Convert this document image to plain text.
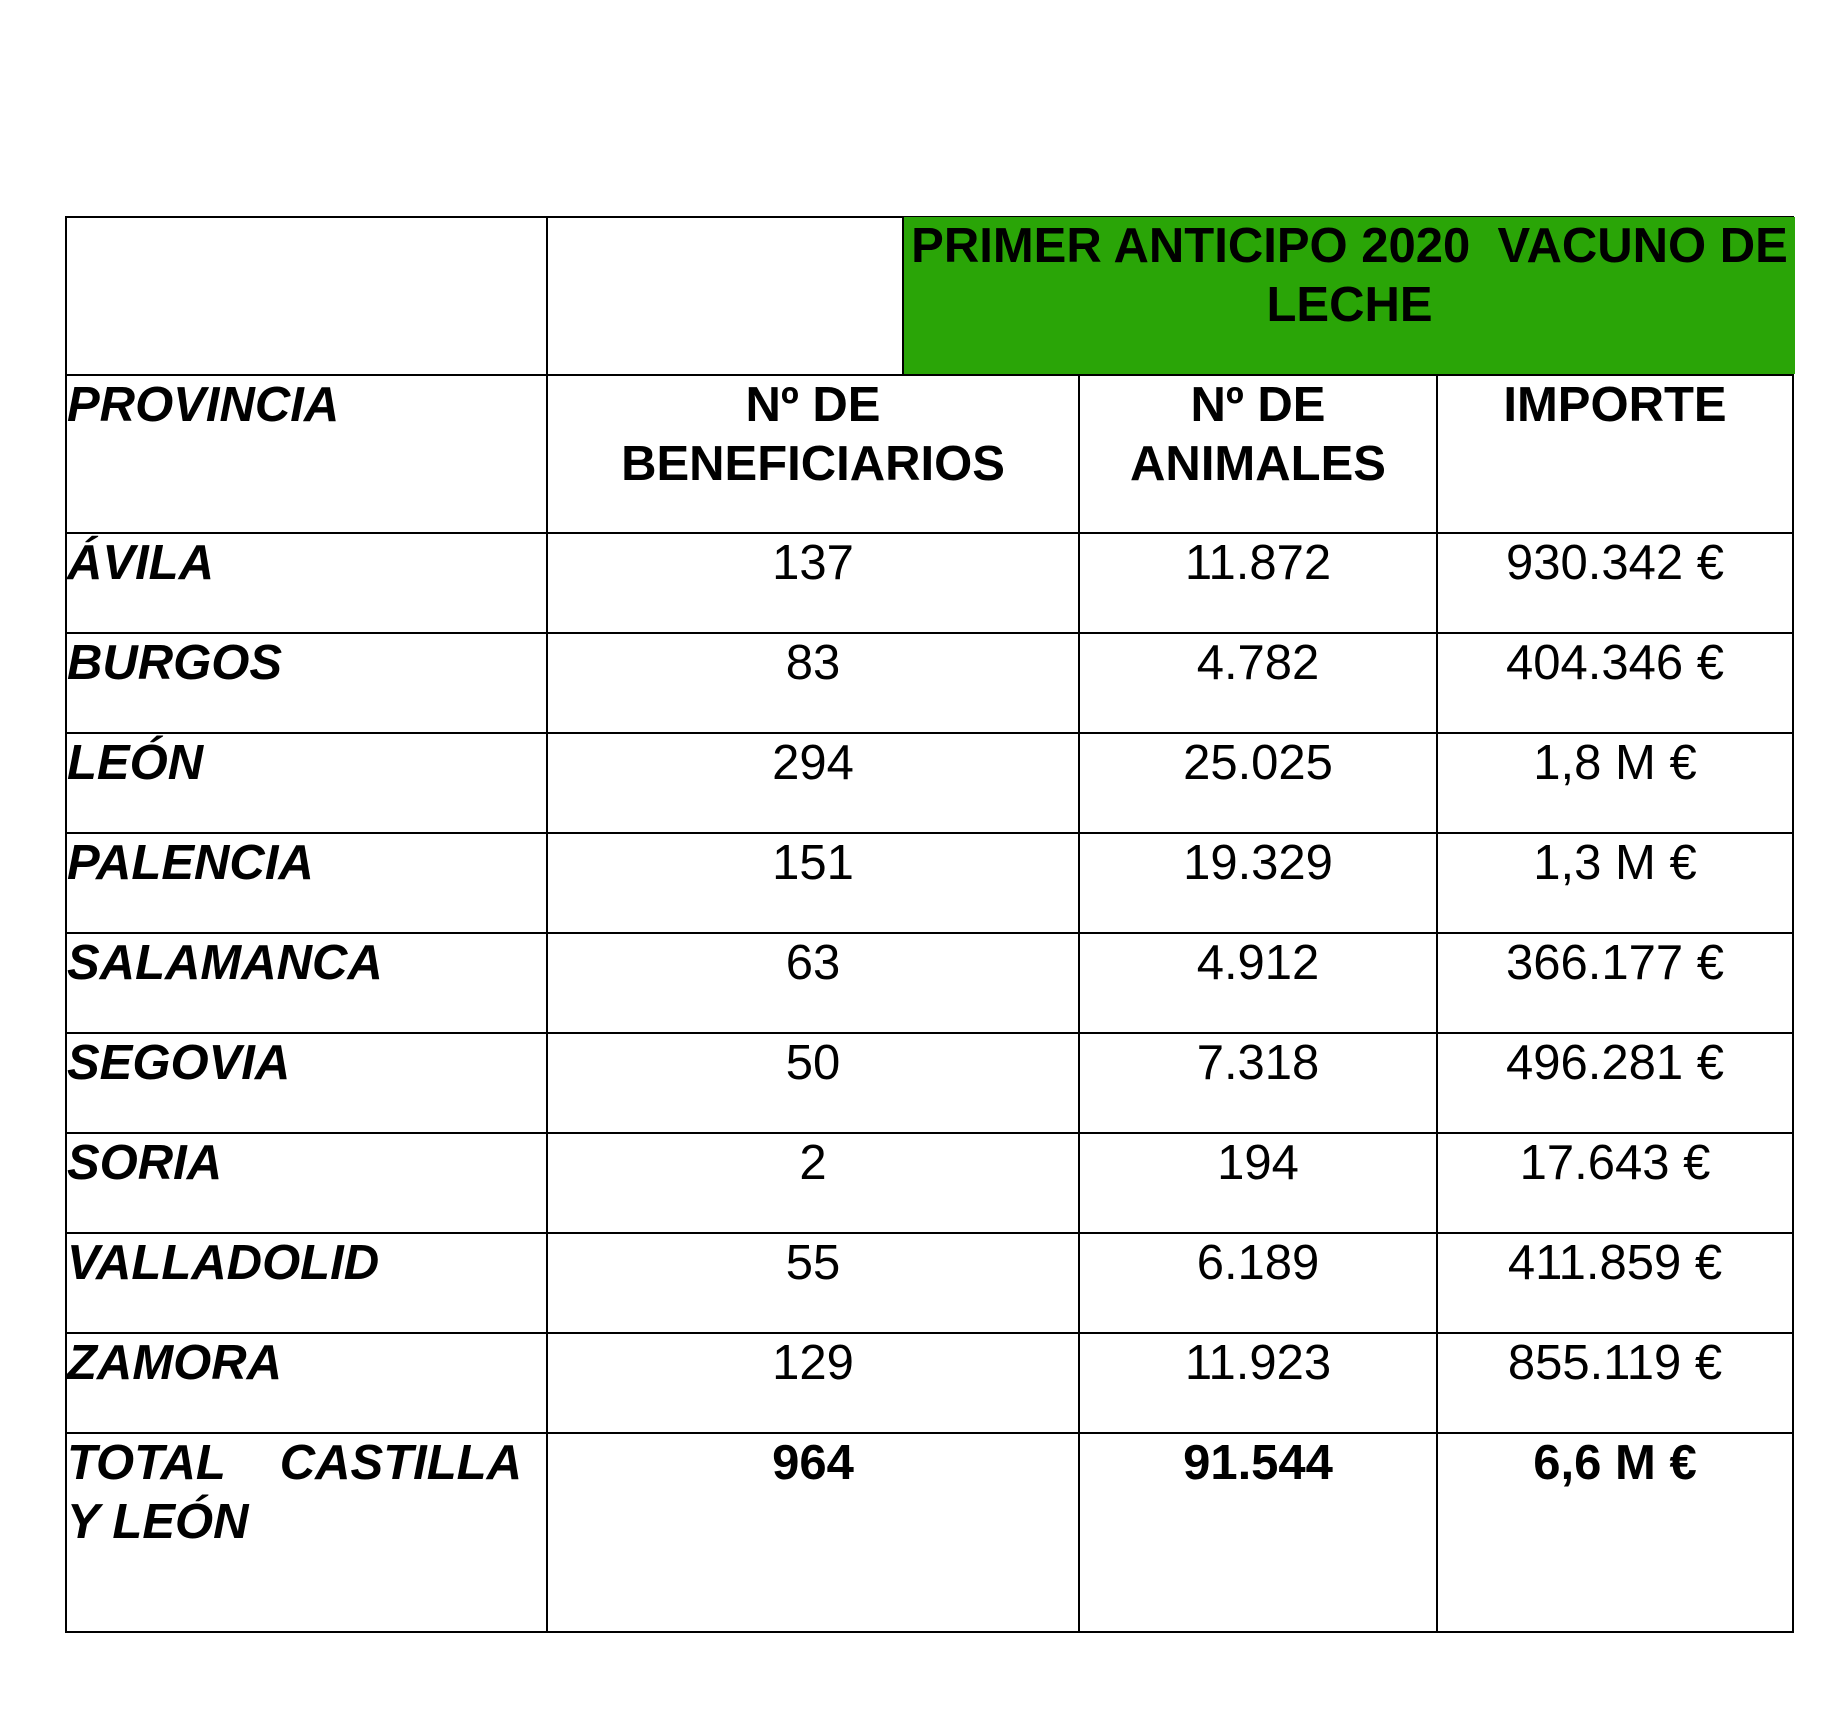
PROVINCIA	Nº DE BENEFICIARIOS		Nº DE ANIMALES	IMPORTE
ÁVILA	137		11.872	930.342 €
BURGOS	83		4.782	404.346 €
LEÓN	294		25.025	1,8 M €
PALENCIA	151		19.329	1,3 M €
SALAMANCA	63		4.912	366.177 €
SEGOVIA	50		7.318	496.281 €
SORIA	2		194	17.643 €
VALLADOLID	55		6.189	411.859 €
ZAMORA	129		11.923	855.119 €

TOTAL CASTILLA Y LEÓN	964		91.544	6,6 M €
PRIMER ANTICIPO 2020  VACUNO DE LECHE
